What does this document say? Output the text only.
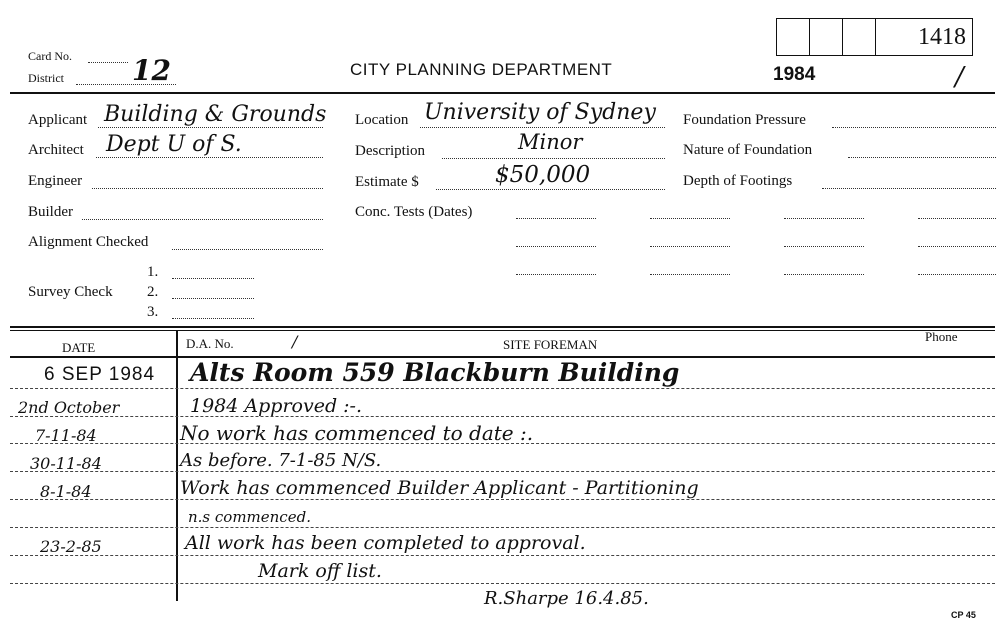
Card No.
District 12	CITY PLANNING DEPARTMENT	1984	/
1418
Applicant Building & Grounds
Architect Dept U of S.
Engineer
Builder
Alignment Checked
1.
Survey Check 2.
3.
Location University of Sydney
Description	Minor
Estimate $	$50,000
Conc. Tests (Dates)
Foundation Pressure
Nature of Foundation
Depth of Footings
DATE	D.A. No.	/	SITE FOREMAN
Phone
6 SEP 1984 Alts Room 559 Blackburn Building
2nd October	1984 Approved :-.
7-11-84	No work has commenced to date :.
30-11-84	As before. 7-1-85 N/S.
8-1-84	Work has commenced Builder Applicant - Partitioning
n.s commenced.
23-2-85	All work has been completed to approval.
Mark off list.
R.Sharpe 16.4.85.
CP 45
